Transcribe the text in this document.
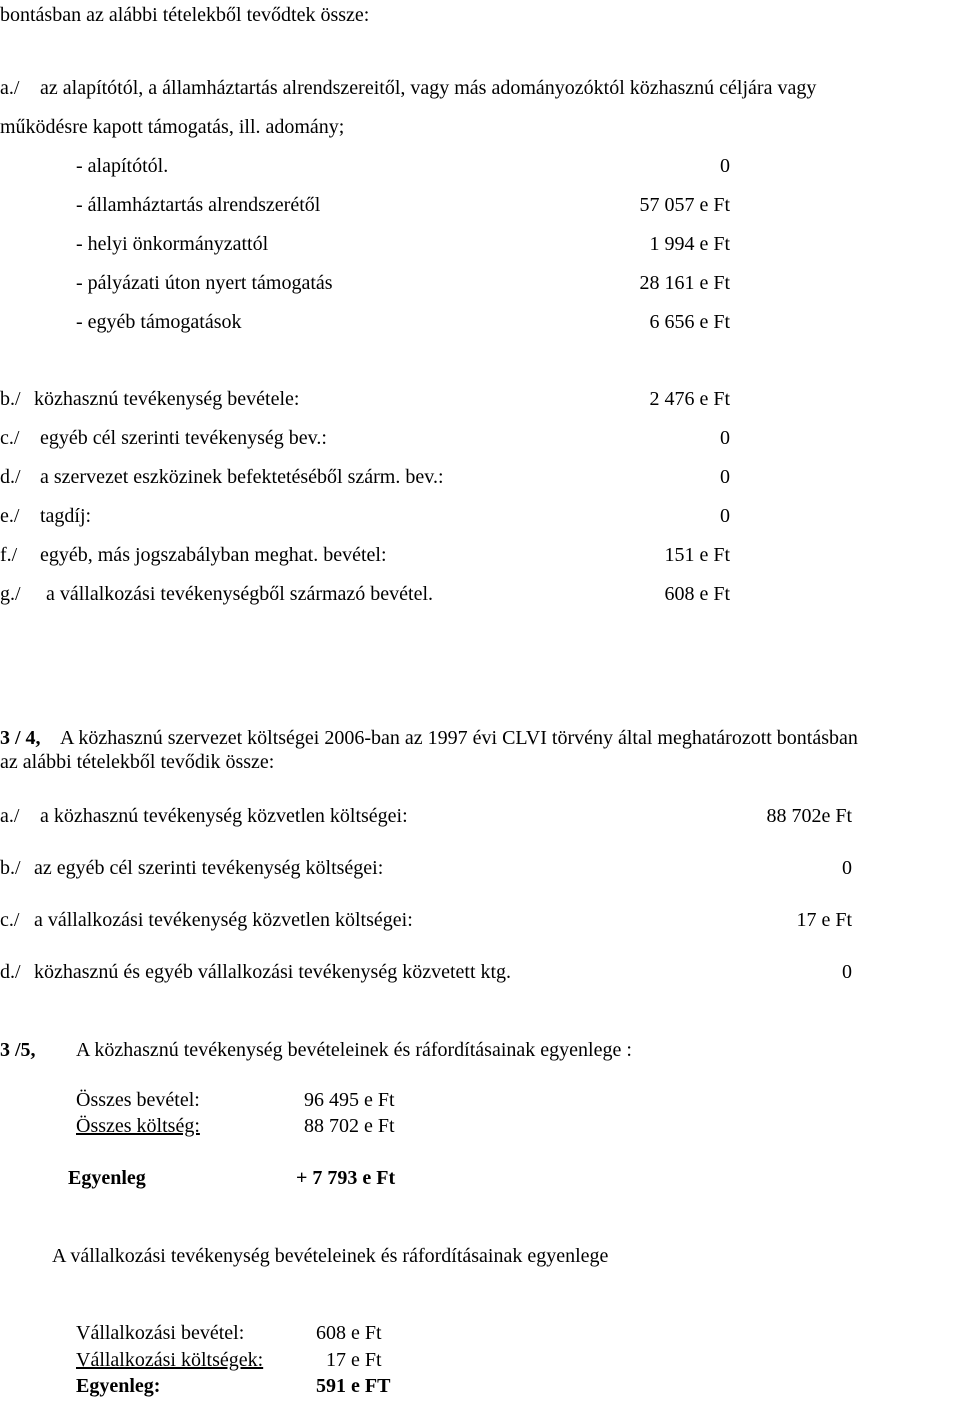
bontásban az alábbi tételekből tevődtek össze:
a./ az alapítótól, a államháztartás alrendszereitől, vagy más adományozóktól közhasznú céljára vagy
működésre kapott támogatás, ill. adomány;
- alapítótól.	0
- államháztartás alrendszerétől	57 057 e Ft
- helyi önkormányzattól	1 994 e Ft
- pályázati úton nyert támogatás	28 161 e Ft
- egyéb támogatások	6 656 e Ft
b./ közhasznú tevékenység bevétele:	2 476 e Ft
c./ egyéb cél szerinti tevékenység bev.:	0
d./ a szervezet eszközinek befektetéséből szárm. bev.:	0
e./ tagdíj:	0
f./ egyéb, más jogszabályban meghat. bevétel:	151 e Ft
g./ a vállalkozási tevékenységből származó bevétel.	608 e Ft
3 / 4, A közhasznú szervezet költségei 2006-ban az 1997 évi CLVI törvény által meghatározott bontásban
az alábbi tételekből tevődik össze:
a./ a közhasznú tevékenység közvetlen költségei:	88 702e Ft
b./ az egyéb cél szerinti tevékenység költségei:	0
c./ a vállalkozási tevékenység közvetlen költségei:	17 e Ft
d./ közhasznú és egyéb vállalkozási tevékenység közvetett ktg.	0
3 /5, A közhasznú tevékenység bevételeinek és ráfordításainak egyenlege :
Összes bevétel:	96 495 e Ft
Összes költség:	88 702 e Ft
Egyenleg	+ 7 793 e Ft
A vállalkozási tevékenység bevételeinek és ráfordításainak egyenlege
Vállalkozási bevétel:	608 e Ft
Vállalkozási költségek:	17 e Ft
Egyenleg:	591 e FT
